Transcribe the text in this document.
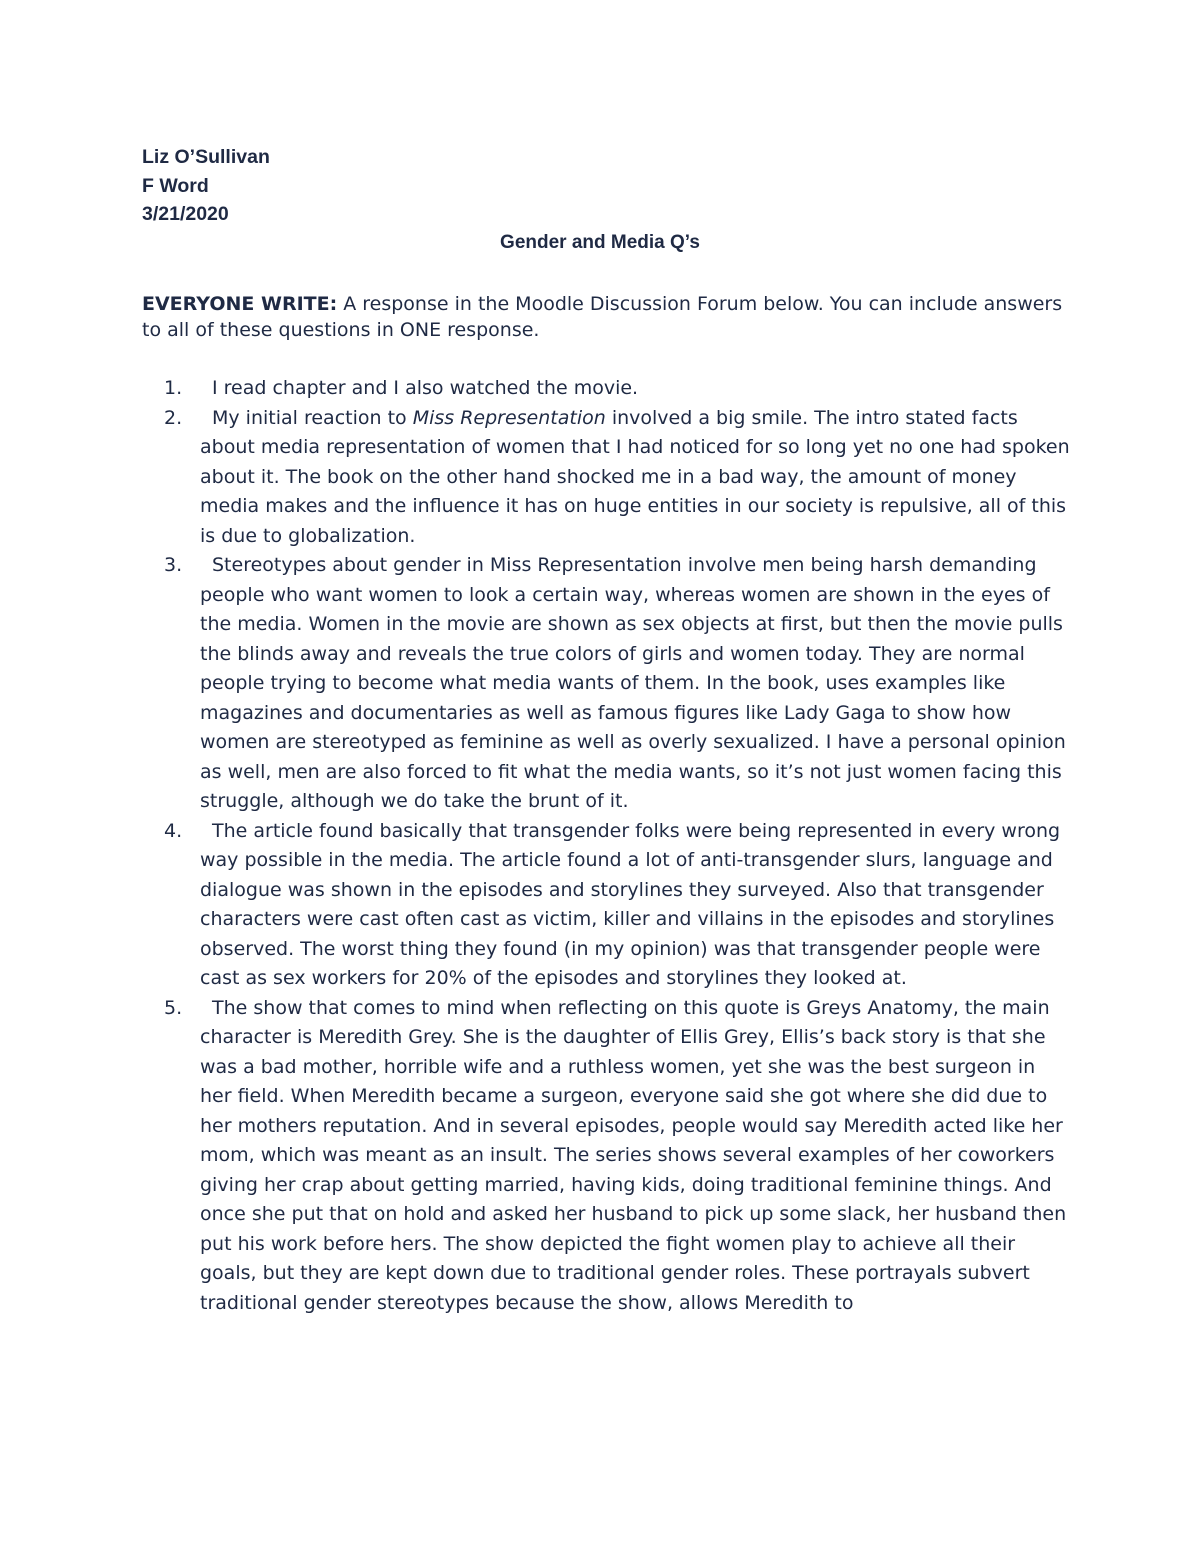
Liz O’Sullivan
F Word
3/21/2020
Gender and Media Q’s
EVERYONE WRITE: A response in the Moodle Discussion Forum below. You can include answers to all of these questions in ONE response.
1. I read chapter and I also watched the movie.
2. My initial reaction to Miss Representation involved a big smile. The intro stated facts about media representation of women that I had noticed for so long yet no one had spoken about it. The book on the other hand shocked me in a bad way, the amount of money media makes and the influence it has on huge entities in our society is repulsive, all of this is due to globalization.
3. Stereotypes about gender in Miss Representation involve men being harsh demanding people who want women to look a certain way, whereas women are shown in the eyes of the media. Women in the movie are shown as sex objects at first, but then the movie pulls the blinds away and reveals the true colors of girls and women today. They are normal people trying to become what media wants of them. In the book, uses examples like magazines and documentaries as well as famous figures like Lady Gaga to show how women are stereotyped as feminine as well as overly sexualized. I have a personal opinion as well, men are also forced to fit what the media wants, so it’s not just women facing this struggle, although we do take the brunt of it.
4. The article found basically that transgender folks were being represented in every wrong way possible in the media. The article found a lot of anti-transgender slurs, language and dialogue was shown in the episodes and storylines they surveyed. Also that transgender characters were cast often cast as victim, killer and villains in the episodes and storylines observed. The worst thing they found (in my opinion) was that transgender people were cast as sex workers for 20% of the episodes and storylines they looked at.
5. The show that comes to mind when reflecting on this quote is Greys Anatomy, the main character is Meredith Grey. She is the daughter of Ellis Grey, Ellis’s back story is that she was a bad mother, horrible wife and a ruthless women, yet she was the best surgeon in her field. When Meredith became a surgeon, everyone said she got where she did due to her mothers reputation. And in several episodes, people would say Meredith acted like her mom, which was meant as an insult. The series shows several examples of her coworkers giving her crap about getting married, having kids, doing traditional feminine things. And once she put that on hold and asked her husband to pick up some slack, her husband then put his work before hers. The show depicted the fight women play to achieve all their goals, but they are kept down due to traditional gender roles. These portrayals subvert traditional gender stereotypes because the show, allows Meredith to
